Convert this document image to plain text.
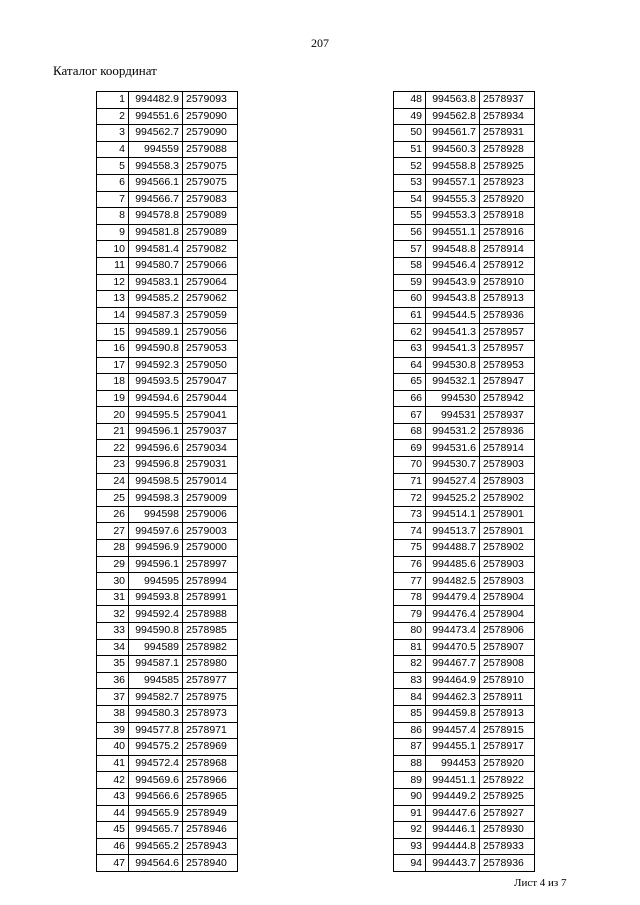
207
Каталог координат
1	994482.9	2579093
2	994551.6	2579090
3	994562.7	2579090
4	994559	2579088
5	994558.3	2579075
6	994566.1	2579075
7	994566.7	2579083
8	994578.8	2579089
9	994581.8	2579089
10	994581.4	2579082
11	994580.7	2579066
12	994583.1	2579064
13	994585.2	2579062
14	994587.3	2579059
15	994589.1	2579056
16	994590.8	2579053
17	994592.3	2579050
18	994593.5	2579047
19	994594.6	2579044
20	994595.5	2579041
21	994596.1	2579037
22	994596.6	2579034
23	994596.8	2579031
24	994598.5	2579014
25	994598.3	2579009
26	994598	2579006
27	994597.6	2579003
28	994596.9	2579000
29	994596.1	2578997
30	994595	2578994
31	994593.8	2578991
32	994592.4	2578988
33	994590.8	2578985
34	994589	2578982
35	994587.1	2578980
36	994585	2578977
37	994582.7	2578975
38	994580.3	2578973
39	994577.8	2578971
40	994575.2	2578969
41	994572.4	2578968
42	994569.6	2578966
43	994566.6	2578965
44	994565.9	2578949
45	994565.7	2578946
46	994565.2	2578943
47	994564.6	2578940
48	994563.8	2578937
49	994562.8	2578934
50	994561.7	2578931
51	994560.3	2578928
52	994558.8	2578925
53	994557.1	2578923
54	994555.3	2578920
55	994553.3	2578918
56	994551.1	2578916
57	994548.8	2578914
58	994546.4	2578912
59	994543.9	2578910
60	994543.8	2578913
61	994544.5	2578936
62	994541.3	2578957
63	994541.3	2578957
64	994530.8	2578953
65	994532.1	2578947
66	994530	2578942
67	994531	2578937
68	994531.2	2578936
69	994531.6	2578914
70	994530.7	2578903
71	994527.4	2578903
72	994525.2	2578902
73	994514.1	2578901
74	994513.7	2578901
75	994488.7	2578902
76	994485.6	2578903
77	994482.5	2578903
78	994479.4	2578904
79	994476.4	2578904
80	994473.4	2578906
81	994470.5	2578907
82	994467.7	2578908
83	994464.9	2578910
84	994462.3	2578911
85	994459.8	2578913
86	994457.4	2578915
87	994455.1	2578917
88	994453	2578920
89	994451.1	2578922
90	994449.2	2578925
91	994447.6	2578927
92	994446.1	2578930
93	994444.8	2578933
94	994443.7	2578936
Лист 4 из 7
